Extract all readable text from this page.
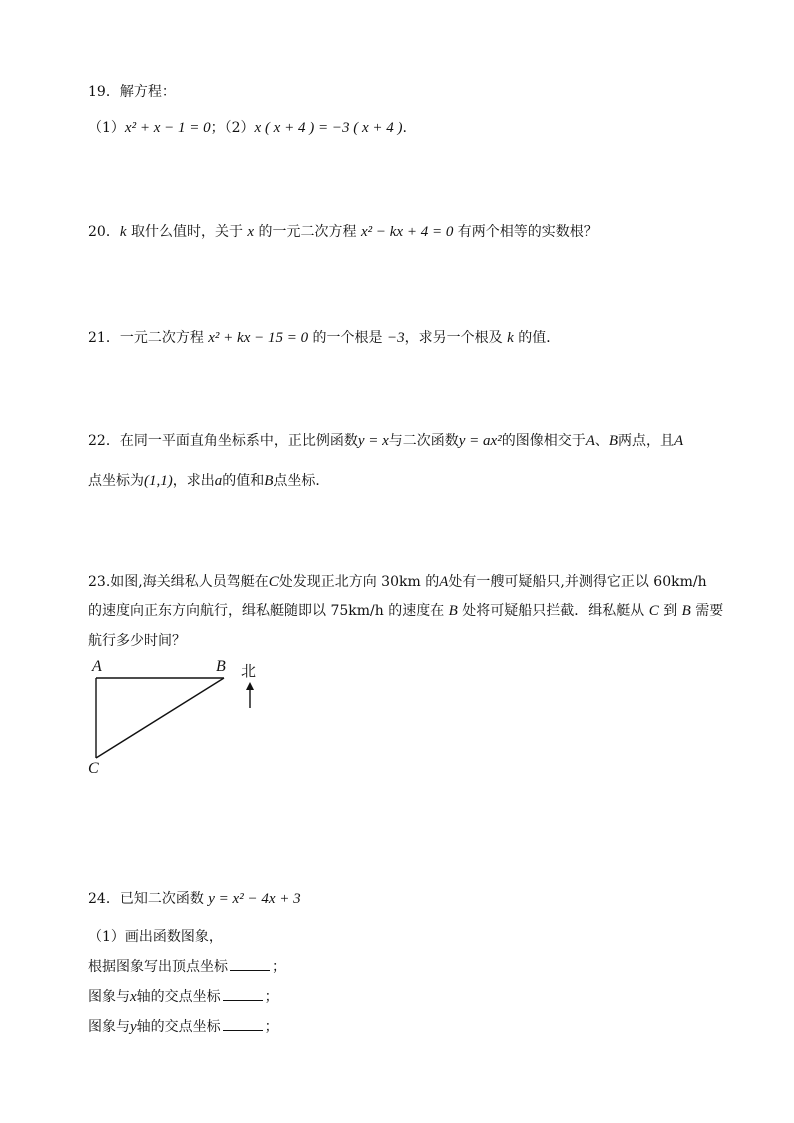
19．解方程：
（1）x² + x − 1 = 0；（2）x ( x + 4 ) = −3 ( x + 4 ).
20．k 取什么值时，关于 x 的一元二次方程 x² − kx + 4 = 0 有两个相等的实数根？
21．一元二次方程 x² + kx − 15 = 0 的一个根是 −3，求另一个根及 k 的值．
22．在同一平面直角坐标系中，正比例函数y = x与二次函数y = ax²的图像相交于A、B两点，且A
点坐标为(1,1)，求出a的值和B点坐标．
23.如图,海关缉私人员驾艇在C处发现正北方向 30km 的A处有一艘可疑船只,并测得它正以 60km/h
的速度向正东方向航行，缉私艇随即以 75km/h 的速度在 B 处将可疑船只拦截．缉私艇从 C 到 B 需要
航行多少时间？
A	B
C
北
24．已知二次函数 y = x² − 4x + 3
（1）画出函数图象，
根据图象写出顶点坐标	；
图象与x轴的交点坐标	；
图象与y轴的交点坐标	；
